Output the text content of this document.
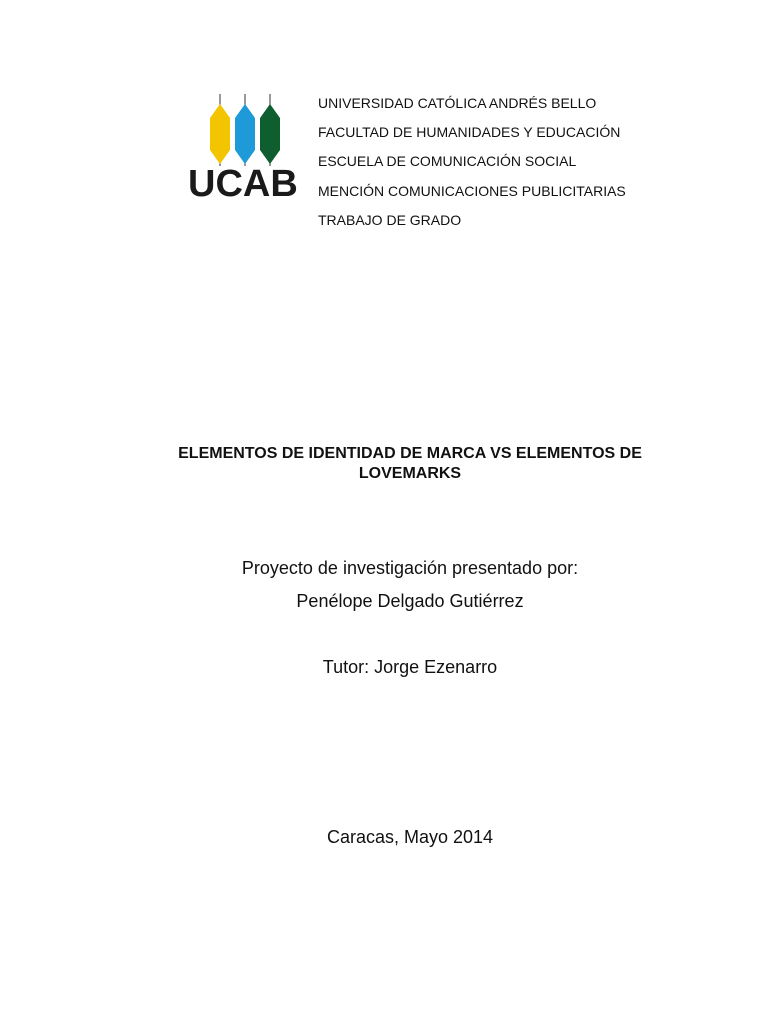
UCAB
UNIVERSIDAD CATÓLICA ANDRÉS BELLO
FACULTAD DE HUMANIDADES Y EDUCACIÓN
ESCUELA DE COMUNICACIÓN SOCIAL
MENCIÓN COMUNICACIONES PUBLICITARIAS
TRABAJO DE GRADO
ELEMENTOS DE IDENTIDAD DE MARCA VS ELEMENTOS DE
LOVEMARKS

Proyecto de investigación presentado por:

Penélope Delgado Gutiérrez

Tutor: Jorge Ezenarro

Caracas, Mayo 2014
